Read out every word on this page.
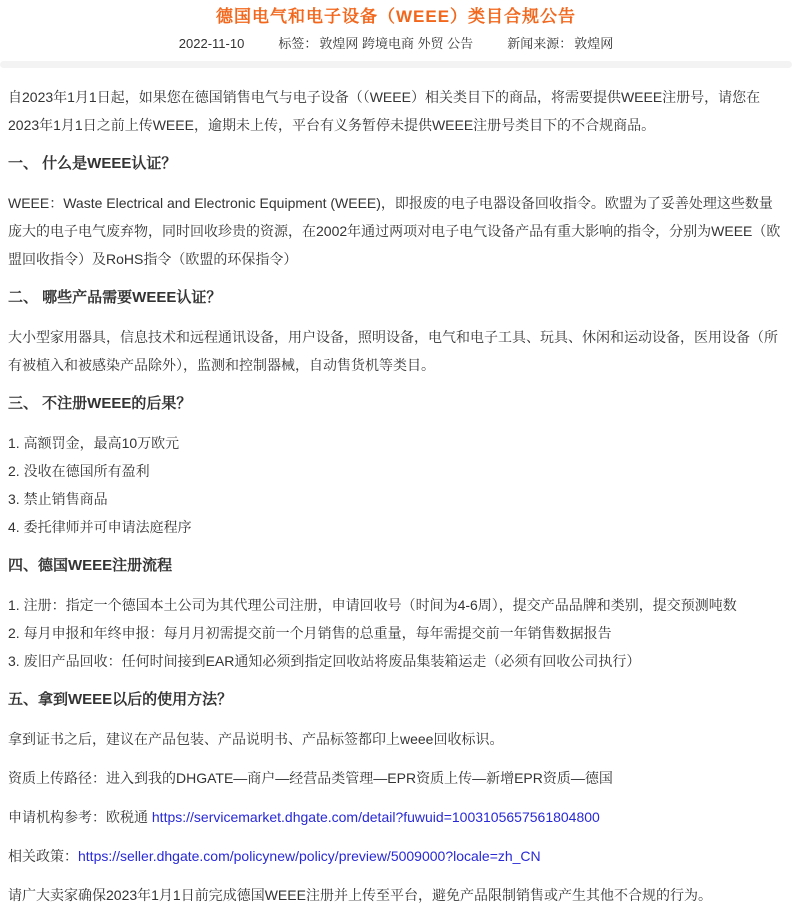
德国电气和电子设备（WEEE）类目合规公告
2022-11-10	标签： 敦煌网 跨境电商 外贸 公告	新闻来源： 敦煌网

自2023年1月1日起，如果您在德国销售电气与电子设备（（WEEE）相关类目下的商品，将需要提供WEEE注册号，请您在2023年1月1日之前上传WEEE，逾期未上传，平台有义务暂停未提供WEEE注册号类目下的不合规商品。

一、 什么是WEEE认证？

WEEE：Waste Electrical and Electronic Equipment (WEEE)，即报废的电子电器设备回收指令。欧盟为了妥善处理这些数量庞大的电子电气废弃物，同时回收珍贵的资源，在2002年通过两项对电子电气设备产品有重大影响的指令，分别为WEEE（欧盟回收指令）及RoHS指令（欧盟的环保指令）

二、 哪些产品需要WEEE认证？

大小型家用器具，信息技术和远程通讯设备，用户设备，照明设备，电气和电子工具、玩具、休闲和运动设备，医用设备（所有被植入和被感染产品除外），监测和控制器械，自动售货机等类目。

三、 不注册WEEE的后果？
1. 高额罚金，最高10万欧元
2. 没收在德国所有盈利
3. 禁止销售商品
4. 委托律师并可申请法庭程序
四、德国WEEE注册流程
1. 注册：指定一个德国本土公司为其代理公司注册，申请回收号（时间为4-6周），提交产品品牌和类别，提交预测吨数
2. 每月申报和年终申报：每月月初需提交前一个月销售的总重量，每年需提交前一年销售数据报告
3. 废旧产品回收：任何时间接到EAR通知必须到指定回收站将废品集装箱运走（必须有回收公司执行）
五、拿到WEEE以后的使用方法？

拿到证书之后，建议在产品包装、产品说明书、产品标签都印上weee回收标识。

资质上传路径：进入到我的DHGATE—商户—经营品类管理—EPR资质上传—新增EPR资质—德国

申请机构参考：欧税通 https://servicemarket.dhgate.com/detail?fuwuid=1003105657561804800

相关政策：https://seller.dhgate.com/policynew/policy/preview/5009000?locale=zh_CN

请广大卖家确保2023年1月1日前完成德国WEEE注册并上传至平台，避免产品限制销售或产生其他不合规的行为。
